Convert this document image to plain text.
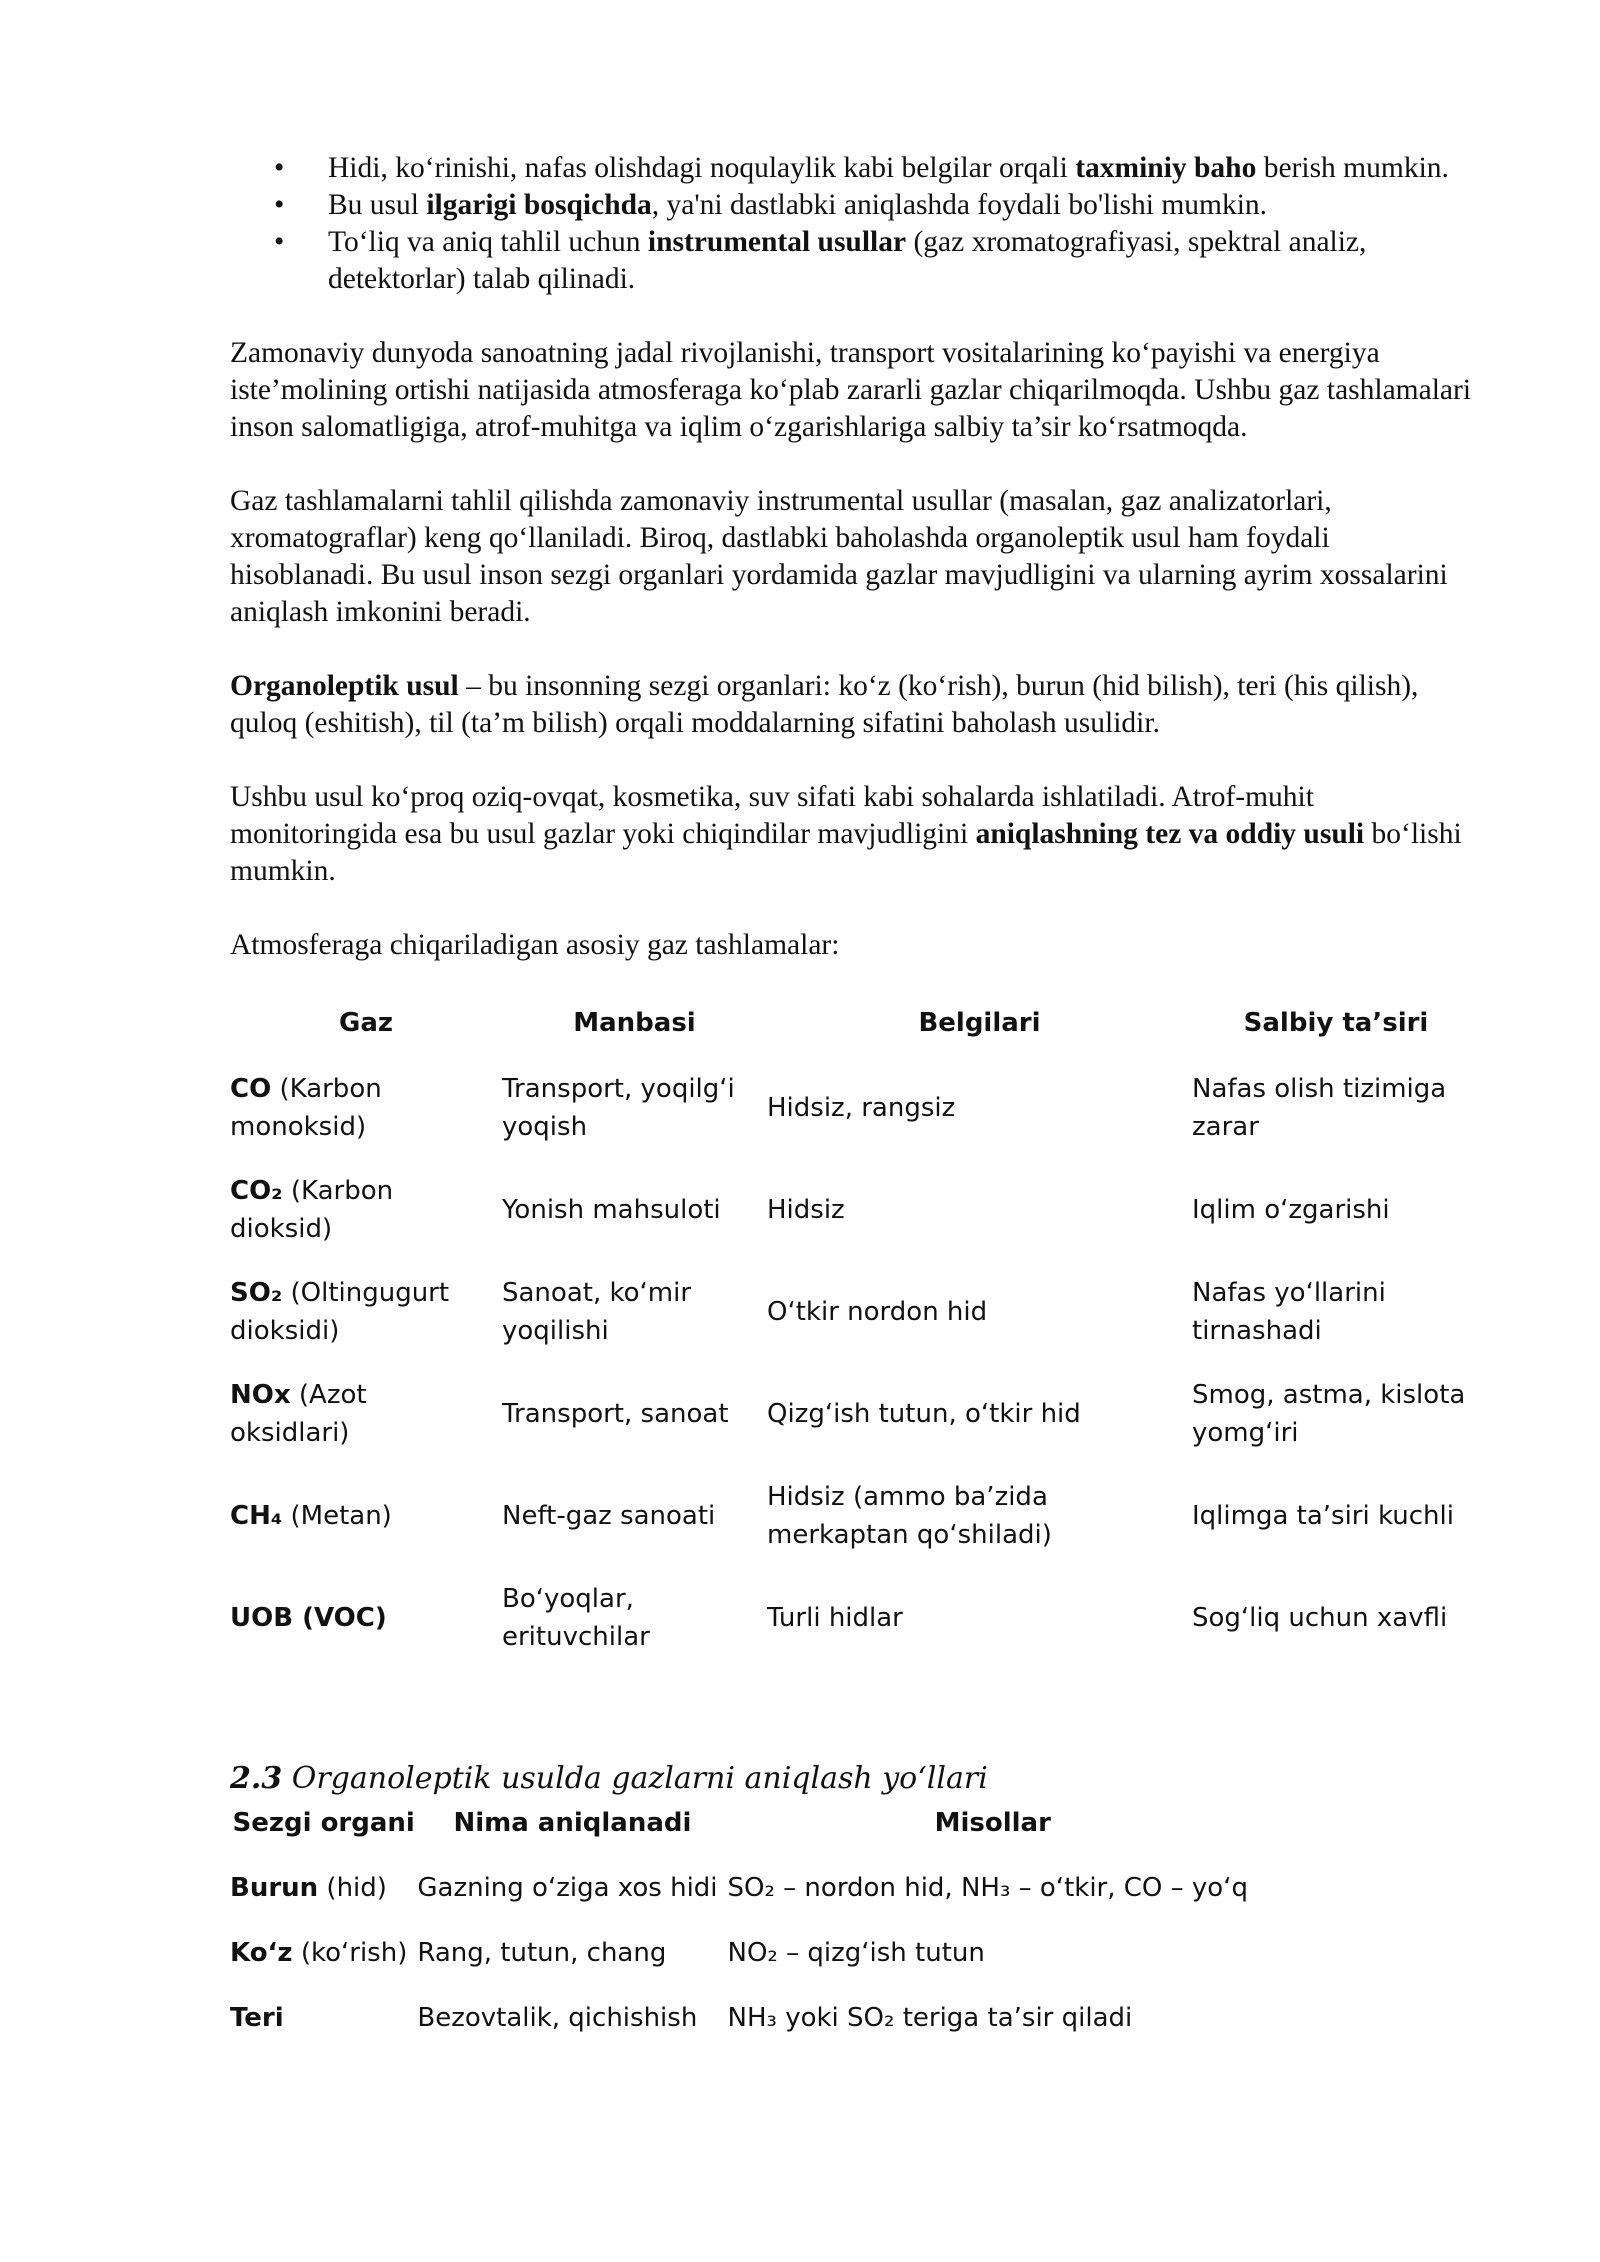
• Hidi, ko‘rinishi, nafas olishdagi noqulaylik kabi belgilar orqali taxminiy baho berish mumkin.
• Bu usul ilgarigi bosqichda, ya'ni dastlabki aniqlashda foydali bo'lishi mumkin.
• To‘liq va aniq tahlil uchun instrumental usullar (gaz xromatografiyasi, spektral analiz, detektorlar) talab qilinadi.

Zamonaviy dunyoda sanoatning jadal rivojlanishi, transport vositalarining ko‘payishi va energiya iste’molining ortishi natijasida atmosferaga ko‘plab zararli gazlar chiqarilmoqda. Ushbu gaz tashlamalari inson salomatligiga, atrof-muhitga va iqlim o‘zgarishlariga salbiy ta’sir ko‘rsatmoqda.

Gaz tashlamalarni tahlil qilishda zamonaviy instrumental usullar (masalan, gaz analizatorlari, xromatograflar) keng qo‘llaniladi. Biroq, dastlabki baholashda organoleptik usul ham foydali hisoblanadi. Bu usul inson sezgi organlari yordamida gazlar mavjudligini va ularning ayrim xossalarini aniqlash imkonini beradi.

Organoleptik usul – bu insonning sezgi organlari: ko‘z (ko‘rish), burun (hid bilish), teri (his qilish), quloq (eshitish), til (ta’m bilish) orqali moddalarning sifatini baholash usulidir.

Ushbu usul ko‘proq oziq-ovqat, kosmetika, suv sifati kabi sohalarda ishlatiladi. Atrof-muhit monitoringida esa bu usul gazlar yoki chiqindilar mavjudligini aniqlashning tez va oddiy usuli bo‘lishi mumkin.

Atmosferaga chiqariladigan asosiy gaz tashlamalar:

Gaz	Manbasi	Belgilari	Salbiy ta’siri
CO (Karbon monoksid)	Transport, yoqilg‘i yoqish	Hidsiz, rangsiz	Nafas olish tizimiga zarar
CO₂ (Karbon dioksid)	Yonish mahsuloti	Hidsiz	Iqlim o‘zgarishi
SO₂ (Oltingugurt dioksidi)	Sanoat, ko‘mir yoqilishi	O‘tkir nordon hid	Nafas yo‘llarini tirnashadi
NOx (Azot oksidlari)	Transport, sanoat	Qizg‘ish tutun, o‘tkir hid	Smog, astma, kislota yomg‘iri
CH₄ (Metan)	Neft-gaz sanoati	Hidsiz (ammo ba’zida merkaptan qo‘shiladi)	Iqlimga ta’siri kuchli
UOB (VOC)	Bo‘yoqlar, erituvchilar	Turli hidlar	Sog‘liq uchun xavfli
2.3 Organoleptik usulda gazlarni aniqlash yo‘llari
Sezgi organi	Nima aniqlanadi	Misollar
Burun (hid)	Gazning o‘ziga xos hidi	SO₂ – nordon hid, NH₃ – o‘tkir, CO – yo‘q
Ko‘z (ko‘rish)	Rang, tutun, chang	NO₂ – qizg‘ish tutun
Teri	Bezovtalik, qichishish	NH₃ yoki SO₂ teriga ta’sir qiladi
